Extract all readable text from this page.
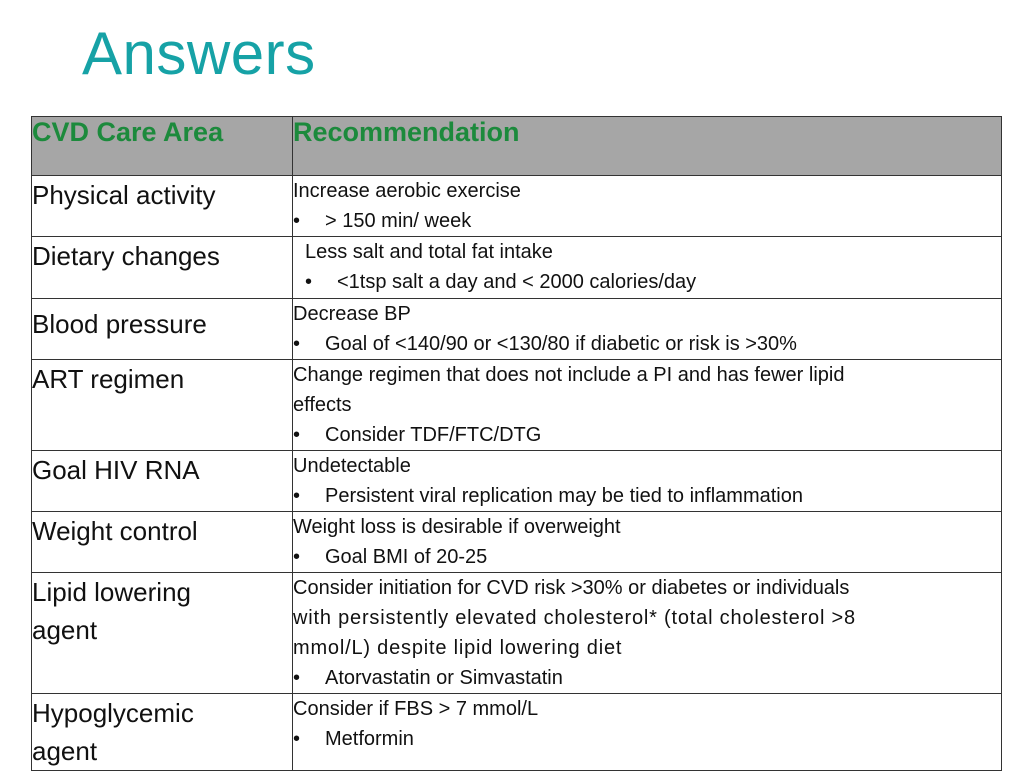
Answers
CVD Care Area	Recommendation
Physical activity	Increase aerobic exercise
• > 150 min/ week

Dietary changes	Less salt and total fat intake
• <1tsp salt a day and < 2000 calories/day

Blood pressure	Decrease BP
• Goal of <140/90 or <130/80 if diabetic or risk is >30%

ART regimen	Change regimen that does not include a PI and has fewer lipid
effects
• Consider TDF/FTC/DTG

Goal HIV RNA	Undetectable
• Persistent viral replication may be tied to inflammation

Weight control	Weight loss is desirable if overweight
• Goal BMI of 20-25

Lipid lowering
agent	Consider initiation for CVD risk >30% or diabetes or individuals
with persistently elevated cholesterol* (total cholesterol >8
mmol/L) despite lipid lowering diet
• Atorvastatin or Simvastatin

Hypoglycemic
agent	Consider if FBS > 7 mmol/L
• Metformin
